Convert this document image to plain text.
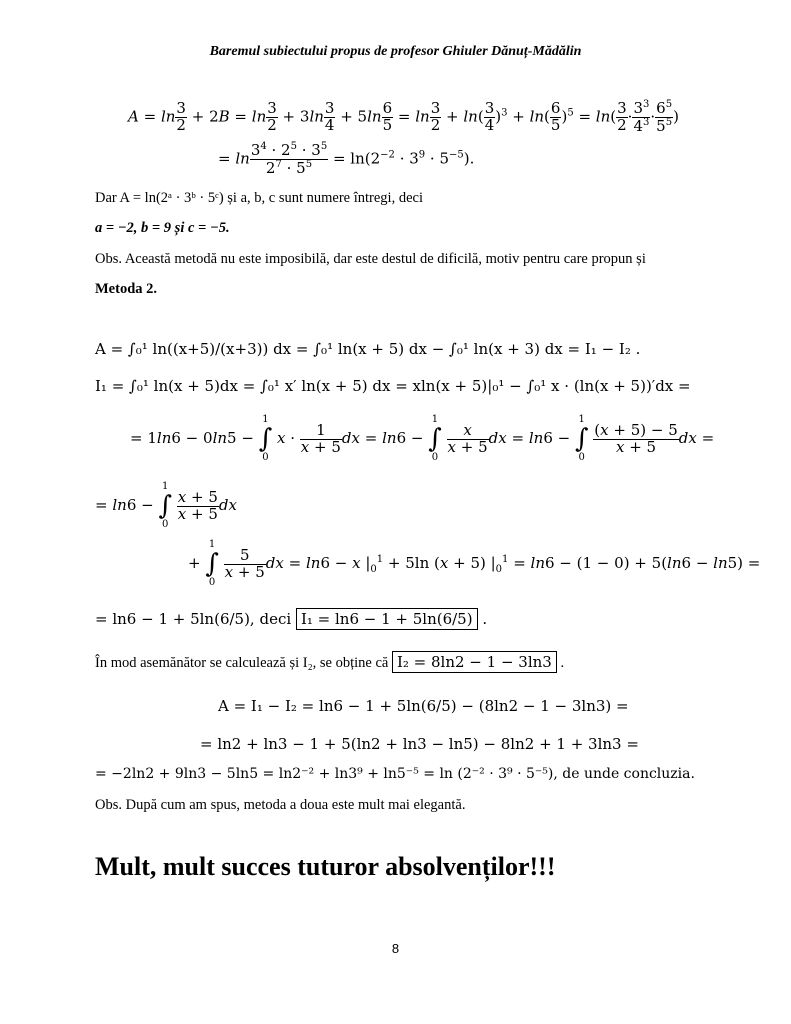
Baremul subiectului propus de profesor Ghiuler Dănuț-Mădălin
$A = \ln \frac{3}{2} + 2B = \ln \frac{3}{2} + 3\ln \frac{3}{4} + 5\ln \frac{6}{5} = \ln \frac{3}{2} + \ln( \frac{3}{4} )^3 + \ln( \frac{6}{5} )^5 = \ln( \frac{3}{2} \cdot \frac{3^3}{4^3} \cdot \frac{6^5}{5^5}$ )
= $\ln \frac{3^4 \cdot 2^5 \cdot 3^5}{2^7 \cdot 5^5} = \ln(2^{-2} \cdot 3^9 \cdot 5^{-5})$.
Dar A = ln(2ᵃ · 3ᵇ · 5ᶜ) și a, b, c sunt numere întregi, deci
a = −2, b = 9 și c = −5.
Obs. Această metodă nu este imposibilă, dar este destul de dificilă, motiv pentru care propun și
Metoda 2.
A = ∫₀¹ ln((x+5)/(x+3)) dx = ∫₀¹ ln(x + 5) dx − ∫₀¹ ln(x + 3) dx = I₁ − I₂ .
I₁ = ∫₀¹ ln(x + 5)dx = ∫₀¹ x′ ln(x + 5) dx = xln(x + 5)|₀¹ − ∫₀¹ x · (ln(x + 5))′dx =
= 1ln6 − 0ln5 −
1
∫
0
$x \cdot \frac{1}{x + 5}$ dx = ln6 −
1
∫
0

$\frac{x}{x + 5}$ dx = ln6 −
1
∫
0

$\frac{(x + 5) - 5}{x + 5}$ dx =
= ln6 −
1
∫
0

$\frac{x + 5}{x + 5}$ dx
+
1
∫
0

$\frac{5}{x + 5}$ dx = ln6 − x $|_0^1 + 5\ln$ (x + 5) $|_0^1 = \ln 6 - (1 - 0) + 5(\ln 6 - \ln 5)$ =
= ln6 − 1 + 5ln(6/5), deci I₁ = ln6 − 1 + 5ln(6/5) .
În mod asemănător se calculează și I₂, se obține că I₂ = 8ln2 − 1 − 3ln3 .
A = I₁ − I₂ = ln6 − 1 + 5ln(6/5) − (8ln2 − 1 − 3ln3) =
= ln2 + ln3 − 1 + 5(ln2 + ln3 − ln5) − 8ln2 + 1 + 3ln3 =
= −2ln2 + 9ln3 − 5ln5 = ln2⁻² + ln3⁹ + ln5⁻⁵ = ln (2⁻² · 3⁹ · 5⁻⁵), de unde concluzia.
Obs. După cum am spus, metoda a doua este mult mai elegantă.
Mult, mult succes tuturor absolvenților!!!
8
